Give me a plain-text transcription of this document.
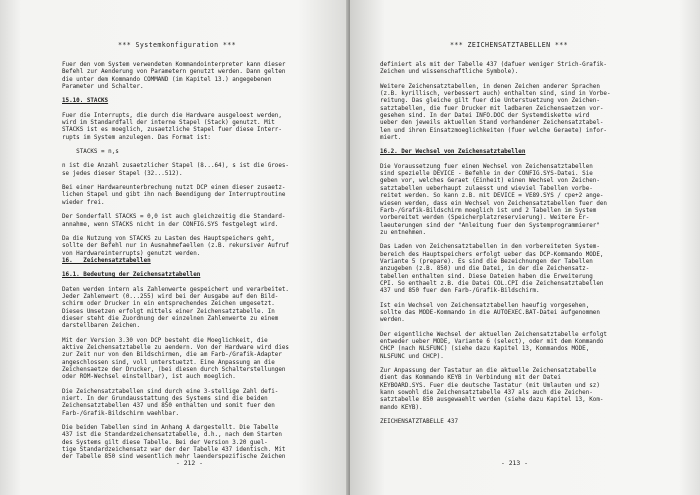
*** Systemkonfiguration ***
Fuer den vom System verwendeten Kommandointerpreter kann dieser
Befehl zur Aenderung von Parametern genutzt werden. Dann gelten
die unter dem Kommando COMMAND (im Kapitel 13.) angegebenen
Parameter und Schalter.
15.10. STACKS
Fuer die Interrupts, die durch die Hardware ausgeloest werden,
wird im Standardfall der interne Stapel (Stack) genutzt. Mit
STACKS ist es moeglich, zusaetzliche Stapel fuer diese Interr-
rupts im System anzulegen. Das Format ist:
STACKS = n,s
n ist die Anzahl zusaetzlicher Stapel (8...64), s ist die Groes-
se jedes dieser Stapel (32...512).
Bei einer Hardwareunterbrechung nutzt DCP einen dieser zusaetz-
lichen Stapel und gibt ihn nach Beendigung der Interruptroutine
wieder frei.
Der Sonderfall STACKS = 0,0 ist auch gleichzeitig die Standard-
annahme, wenn STACKS nicht in der CONFIG.SYS festgelegt wird.
Da die Nutzung von STACKS zu Lasten des Hauptspeichers geht,
sollte der Befehl nur in Ausnahmefaellen (z.B. rekursiver Aufruf
von Hardwareinterrupts) genutzt werden.
16.   Zeichensatztabellen
16.1. Bedeutung der Zeichensatztabellen
Daten werden intern als Zahlenwerte gespeichert und verarbeitet.
Jeder Zahlenwert (0...255) wird bei der Ausgabe auf den Bild-
schirm oder Drucker in ein entsprechendes Zeichen umgesetzt.
Dieses Umsetzen erfolgt mittels einer Zeichensatztabelle. In
dieser steht die Zuordnung der einzelnen Zahlenwerte zu einem
darstellbaren Zeichen.
Mit der Version 3.30 von DCP besteht die Moeglichkeit, die
aktive Zeichensatztabelle zu aendern. Von der Hardware wird dies
zur Zeit nur von den Bildschirmen, die am Farb-/Grafik-Adapter
angeschlossen sind, voll unterstuetzt. Eine Anpassung an die
Zeichensaetze der Drucker, (bei diesen durch Schalterstellungen
oder ROM-Wechsel einstellbar), ist auch moeglich.
Die Zeichensatztabellen sind durch eine 3-stellige Zahl defi-
niert. In der Grundausstattung des Systems sind die beiden
Zeichensatztabellen 437 und 850 enthalten und somit fuer den
Farb-/Grafik-Bildschirm waehlbar.
Die beiden Tabellen sind im Anhang A dargestellt. Die Tabelle
437 ist die Standardzeichensatztabelle, d.h., nach dem Starten
des Systems gilt diese Tabelle. Bei der Version 3.20 guel-
tige Standardzeichensatz war der der Tabelle 437 identisch. Mit
der Tabelle 850 sind wesentlich mehr laenderspezifische Zeichen
- 212 -
*** ZEICHENSATZTABELLEN ***
definiert als mit der Tabelle 437 (dafuer weniger Strich-Grafik-
Zeichen und wissenschaftliche Symbole).
Weitere Zeichensatztabellen, in denen Zeichen anderer Sprachen
(z.B. kyrillisch, verbessert auch) enthalten sind, sind in Vorbe-
reitung. Das gleiche gilt fuer die Unterstuetzung von Zeichen-
satztabellen, die fuer Drucker mit ladbaren Zeichensaetzen vor-
gesehen sind. In der Datei INFO.DOC der Systemdiskette wird
ueber den jeweils aktuellen Stand vorhandener Zeichensatztabel-
len und ihren Einsatzmoeglichkeiten (fuer welche Geraete) infor-
miert.
16.2. Der Wechsel von Zeichensatztabellen
Die Voraussetzung fuer einen Wechsel von Zeichensatztabellen
sind spezielle DEVICE - Befehle in der CONFIG.SYS-Datei. Sie
geben vor, welches Geraet (Einheit) einen Wechsel von Zeichen-
satztabellen ueberhaupt zulaesst und wieviel Tabellen vorbe-
reitet werden. So kann z.B. mit DEVICE = VE89.SYS / cpe+2 ange-
wiesen werden, dass ein Wechsel von Zeichensatztabellen fuer den
Farb-/Grafik-Bildschirm moeglich ist und 2 Tabellen im System
vorbereitet werden (Speicherplatzreservierung). Weitere Er-
laeuterungen sind der "Anleitung fuer den Systemprogrammierer"
zu entnehmen.
Das Laden von Zeichensatztabellen in den vorbereiteten System-
bereich des Hauptspeichers erfolgt ueber das DCP-Kommando MODE,
Variante 5 (prepare). Es sind die Bezeichnungen der Tabellen
anzugeben (z.B. 850) und die Datei, in der die Zeichensatz-
tabellen enthalten sind. Diese Dateien haben die Erweiterung
CPI. So enthaelt z.B. die Datei COL.CPI die Zeichensatztabellen
437 und 850 fuer den Farb-/Grafik-Bildschirm.
Ist ein Wechsel von Zeichensatztabellen haeufig vorgesehen,
sollte das MODE-Kommando in die AUTOEXEC.BAT-Datei aufgenommen
werden.
Der eigentliche Wechsel der aktuellen Zeichensatztabelle erfolgt
entweder ueber MODE, Variante 6 (select), oder mit dem Kommando
CHCP (nach NLSFUNC) (siehe dazu Kapitel 13, Kommandos MODE,
NLSFUNC und CHCP).
Zur Anpassung der Tastatur an die aktuelle Zeichensatztabelle
dient das Kommando KEYB in Verbindung mit der Datei
KEYBOARD.SYS. Fuer die deutsche Tastatur (mit Umlauten und sz)
kann sowohl die Zeichensatztabelle 437 als auch die Zeichen-
satztabelle 850 ausgewaehlt werden (siehe dazu Kapitel 13, Kom-
mando KEYB).
ZEICHENSATZTABELLE 437
- 213 -
